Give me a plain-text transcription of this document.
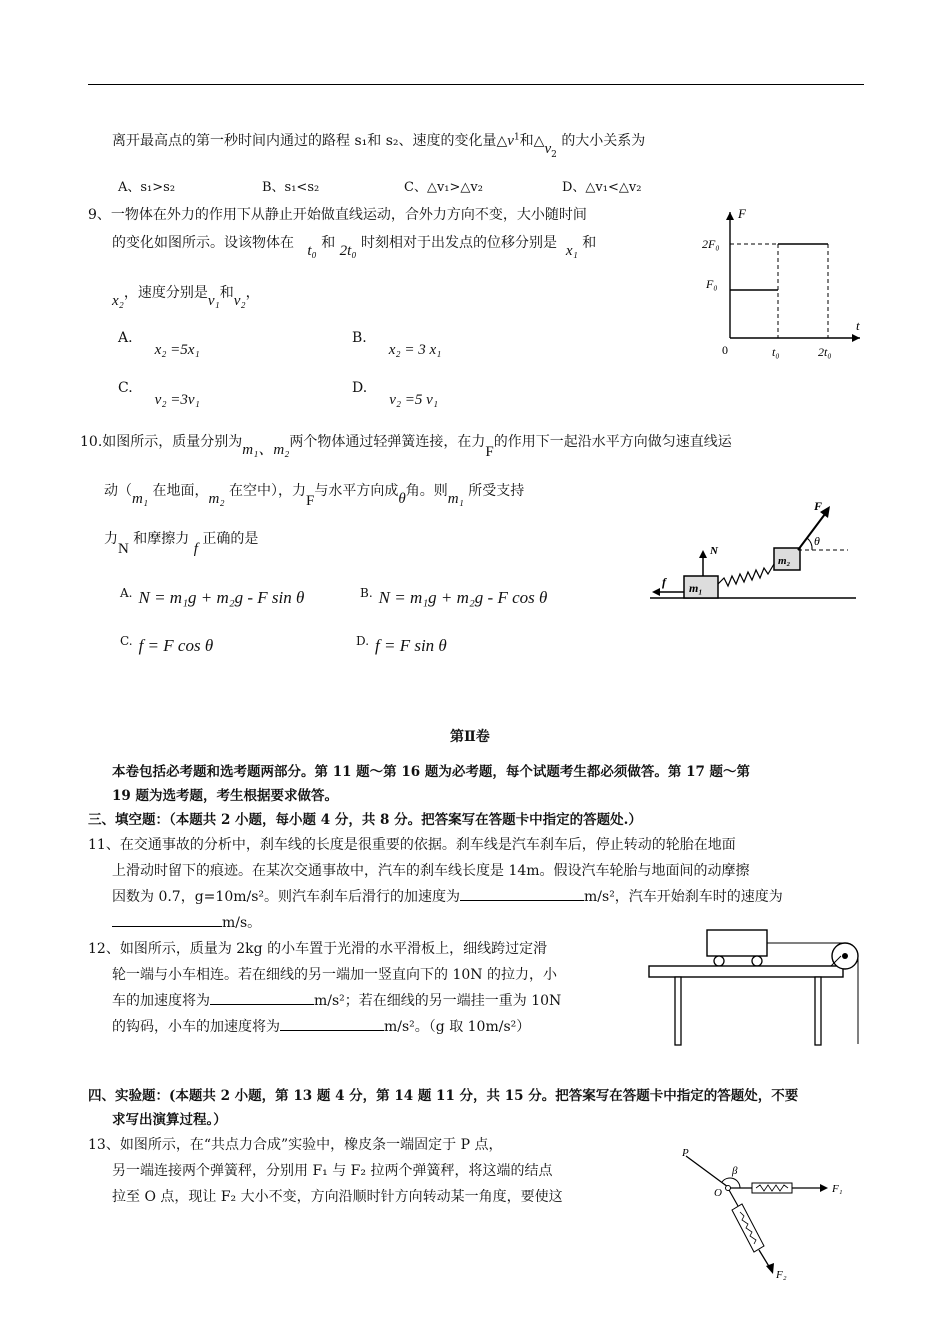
离开最高点的第一秒时间内通过的路程 s₁和 s₂、速度的变化量$\triangle v^1$和$\triangle v_2$ 的大小关系为
A、s₁>s₂	B、s₁<s₂	C、△v₁>△v₂	D、△v₁<△v₂
9、一物体在外力的作用下从静止开始做直线运动，合外力方向不变，大小随时间
的变化如图所示。设该物体在 t₀ 和 2t₀ 时刻相对于出发点的位移分别是 x₁ 和
x₂，速度分别是v₁和v₂，
A.x₂ =5x₁
B.x₂ = 3 x₁
C.v₂ =3v₁
D.v₂ =5 v₁
F
t
2F₀
F₀
0	t₀	2t₀
10.如图所示，质量分别为m₁、m₂两个物体通过轻弹簧连接，在力F的作用下一起沿水平方向做匀速直线运
动（m₁ 在地面，m₂ 在空中），力F与水平方向成θ角。则m₁ 所受支持
力N 和摩擦力 f 正确的是
A. N = m₁g + m₂g - F sin θ	B. N = m₁g + m₂g - F cos θ
C. f = F cos θ	D. f = F sin θ
m₁
m₂
F
θ
N
f
第Ⅱ卷
本卷包括必考题和选考题两部分。第 11 题～第 16 题为必考题，每个试题考生都必须做答。第 17 题～第
19 题为选考题，考生根据要求做答。
三、填空题：（本题共 2 小题，每小题 4 分，共 8 分。把答案写在答题卡中指定的答题处.）
11、在交通事故的分析中，刹车线的长度是很重要的依据。刹车线是汽车刹车后，停止转动的轮胎在地面
上滑动时留下的痕迹。在某次交通事故中，汽车的刹车线长度是 14m。假设汽车轮胎与地面间的动摩擦
因数为 0.7，g=10m/s²。则汽车刹车后滑行的加速度为	m/s²，汽车开始刹车时的速度为
m/s。
12、如图所示，质量为 2kg 的小车置于光滑的水平滑板上，细线跨过定滑
轮一端与小车相连。若在细线的另一端加一竖直向下的 10N 的拉力，小
车的加速度将为	m/s²；若在细线的另一端挂一重为 10N
的钩码，小车的加速度将为	m/s²。（g 取 10m/s²）
四、实验题：(本题共 2 小题，第 13 题 4 分，第 14 题 11 分，共 15 分。把答案写在答题卡中指定的答题处，不要
求写出演算过程。）
13、如图所示，在“共点力合成”实验中，橡皮条一端固定于 P 点，
另一端连接两个弹簧秤，分别用 F₁ 与 F₂ 拉两个弹簧秤，将这端的结点
拉至 O 点，现让 F₂ 大小不变，方向沿顺时针方向转动某一角度，要使这
P
O
β
F₁
F₂
